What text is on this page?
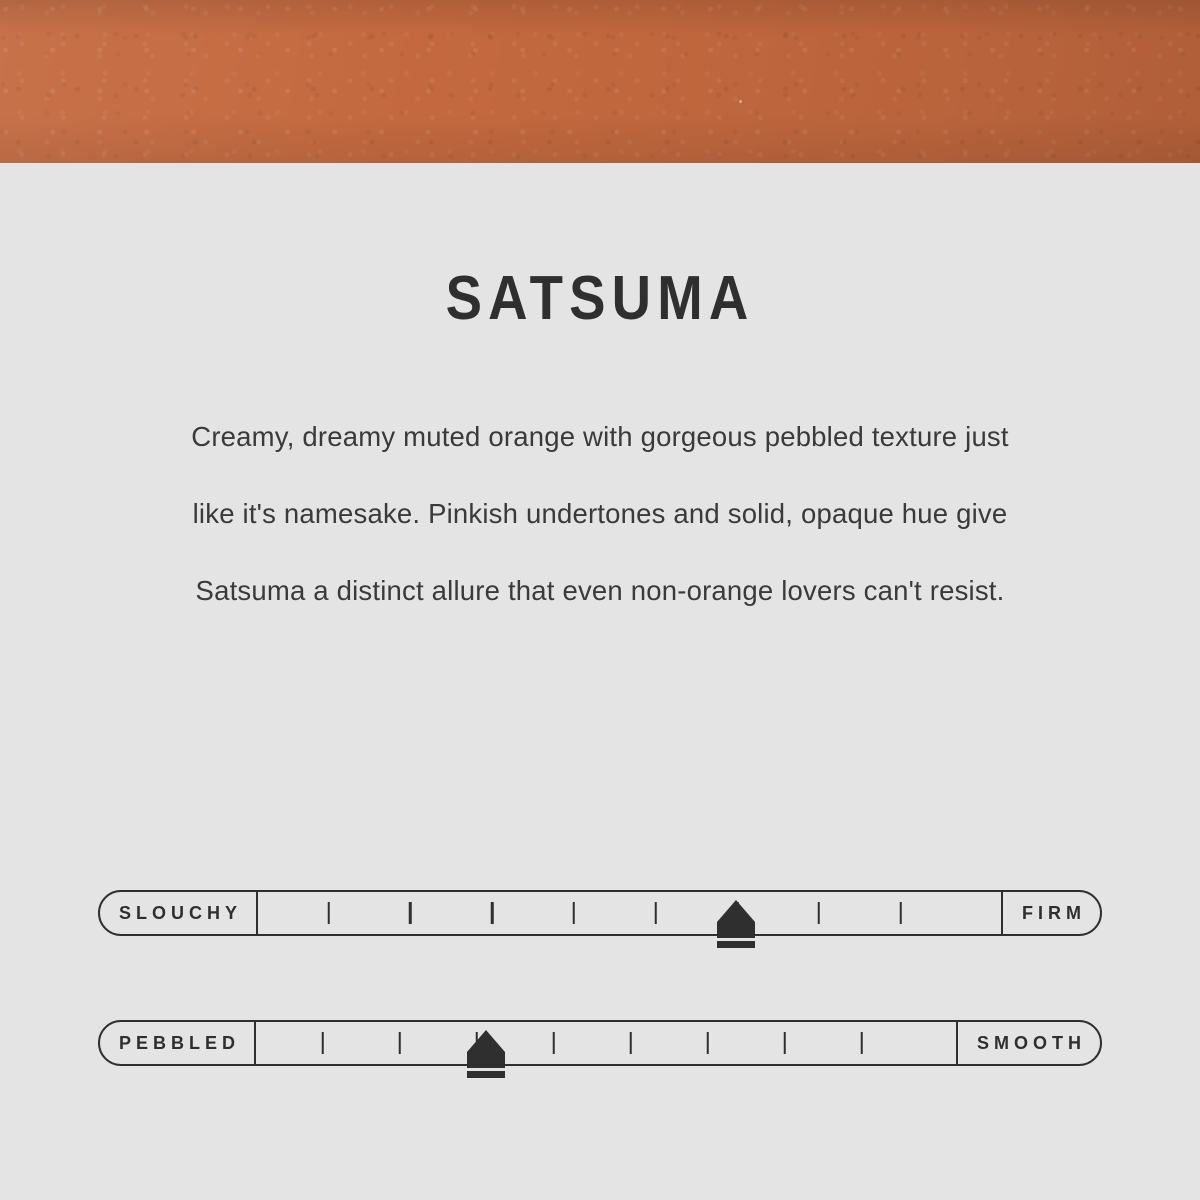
SATSUMA

Creamy, dreamy muted orange with gorgeous pebbled texture just

like it's namesake. Pinkish undertones and solid, opaque hue give

Satsuma a distinct allure that even non-orange lovers can't resist.

SLOUCHY	FIRM
PEBBLED	SMOOTH
